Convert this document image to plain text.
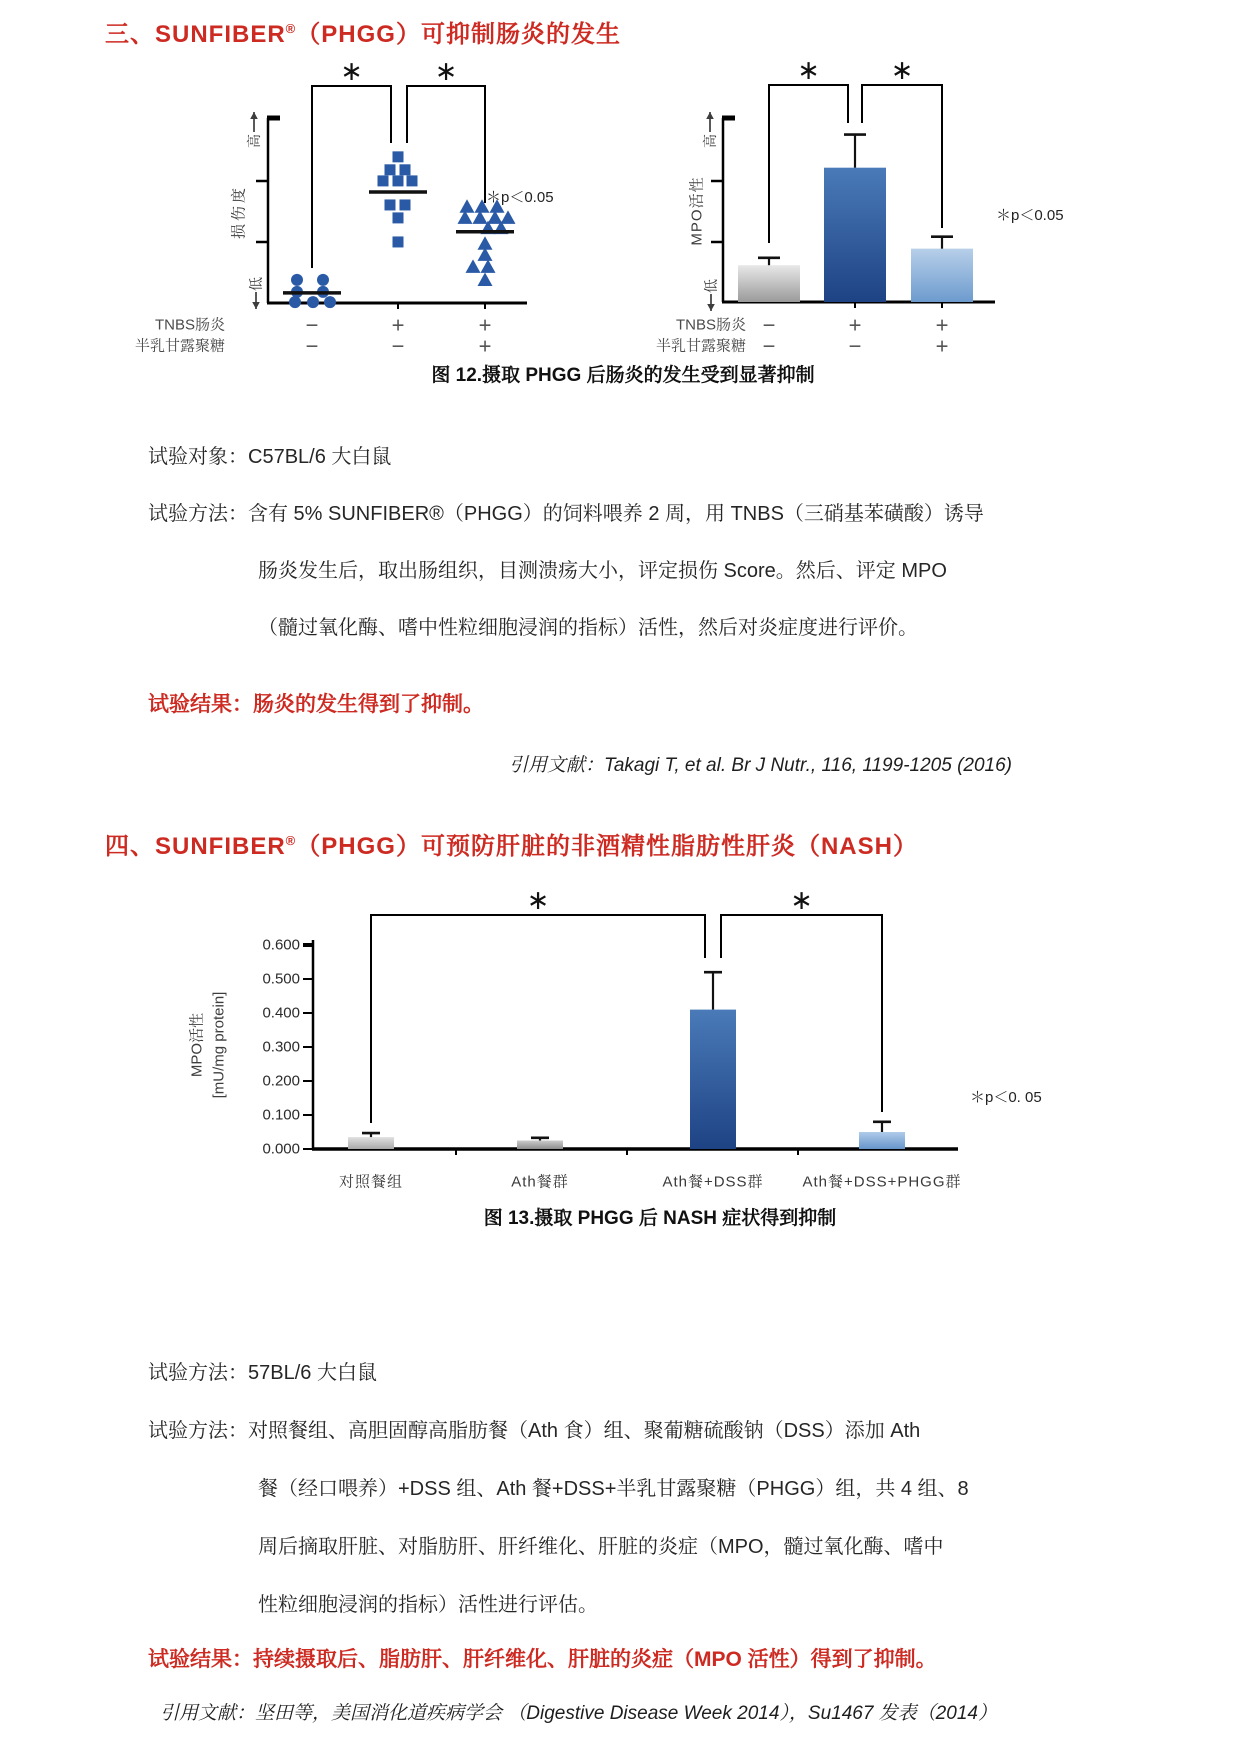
三、SUNFIBER®（PHGG）可抑制肠炎的发生
高
损伤度
低
∗	∗
TNBS肠炎	−	+	+
半乳甘露聚糖	−	−	+
＊p＜0.05
高
MPO活性
低
∗	∗
TNBS肠炎 −	+	+
半乳甘露聚糖 −	−	+
＊p＜0.05
图 12.摄取 PHGG 后肠炎的发生受到显著抑制
试验对象：C57BL/6 大白鼠
试验方法：含有 5% SUNFIBER®（PHGG）的饲料喂养 2 周，用 TNBS（三硝基苯磺酸）诱导
肠炎发生后，取出肠组织，目测溃疡大小，评定损伤 Score。然后、评定 MPO
（髓过氧化酶、嗜中性粒细胞浸润的指标）活性，然后对炎症度进行评价。
试验结果：肠炎的发生得到了抑制。
引用文献：Takagi T, et al. Br J Nutr., 116, 1199-1205 (2016)
四、SUNFIBER®（PHGG）可预防肝脏的非酒精性脂肪性肝炎（NASH）
0.600
0.500
0.400
0.300
0.200
0.100
0.000
MPO活性 [mU/mg protein]
∗	∗
对照餐组	Ath餐群	Ath餐+DSS群	Ath餐+DSS+PHGG群
＊p＜0. 05
图 13.摄取 PHGG 后 NASH 症状得到抑制
试验方法：57BL/6 大白鼠
试验方法：对照餐组、高胆固醇高脂肪餐（Ath 食）组、聚葡糖硫酸钠（DSS）添加 Ath
餐（经口喂养）+DSS 组、Ath 餐+DSS+半乳甘露聚糖（PHGG）组，共 4 组、8
周后摘取肝脏、对脂肪肝、肝纤维化、肝脏的炎症（MPO，髓过氧化酶、嗜中
性粒细胞浸润的指标）活性进行评估。
试验结果：持续摄取后、脂肪肝、肝纤维化、肝脏的炎症（MPO 活性）得到了抑制。
引用文献：坚田等，美国消化道疾病学会 （Digestive Disease Week 2014），Su1467 发表（2014）
